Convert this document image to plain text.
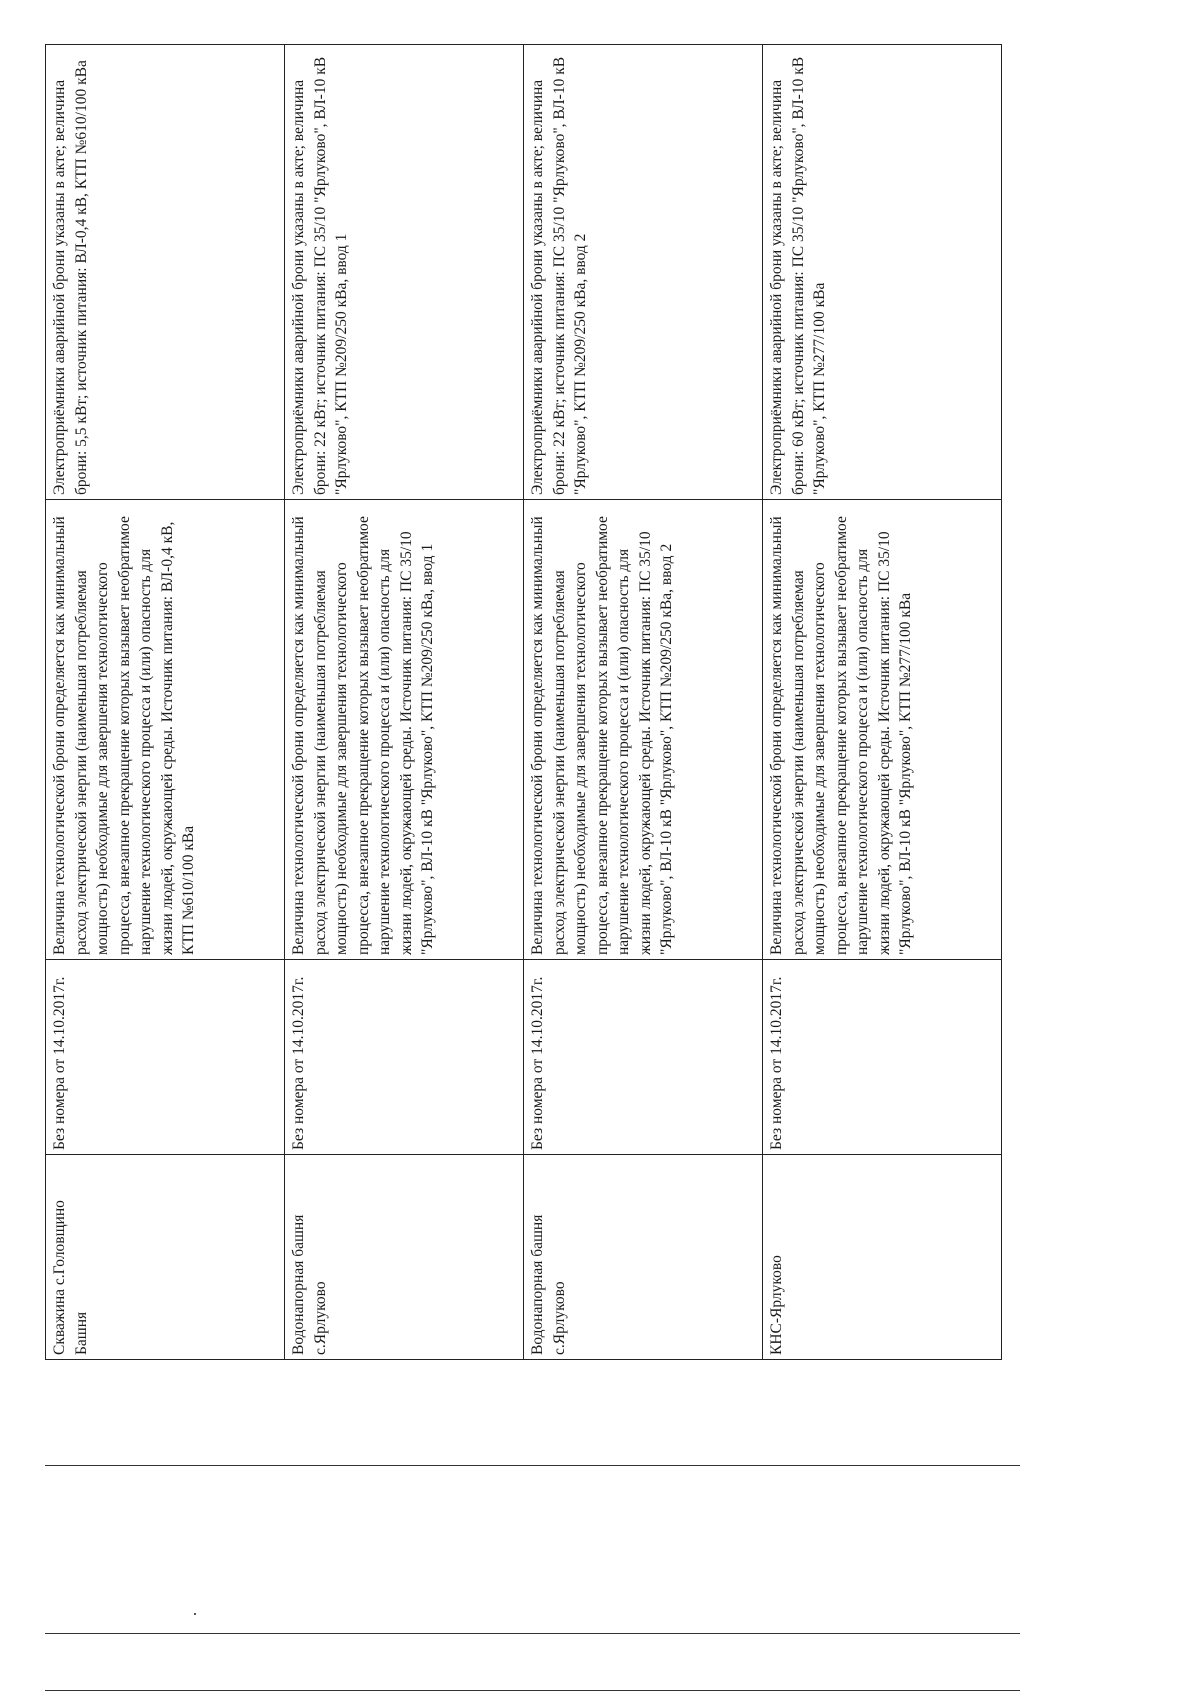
Скважина с.Головщино Башня	Без номера от 14.10.2017г.	Величина технологической брони определяется как минимальный расход электрической энергии (наименьшая потребляемая мощность) необходимые для завершения технологического процесса, внезапное прекращение которых вызывает необратимое нарушение технологического процесса и (или) опасность для жизни людей, окружающей среды. Источник питания: ВЛ-0,4 кВ, КТП №610/100 кВа	Электроприёмники аварийной брони указаны в акте; величина брони: 5,5 кВт; источник питания: ВЛ-0,4 кВ, КТП №610/100 кВа

Водонапорная башня с.Ярлуково	Без номера от 14.10.2017г.	Величина технологической брони определяется как минимальный расход электрической энергии (наименьшая потребляемая мощность) необходимые для завершения технологического процесса, внезапное прекращение которых вызывает необратимое нарушение технологического процесса и (или) опасность для жизни людей, окружающей среды. Источник питания: ПС 35/10 "Ярлуково", ВЛ-10 кВ "Ярлуково", КТП №209/250 кВа, ввод 1	Электроприёмники аварийной брони указаны в акте; величина брони: 22 кВт; источник питания: ПС 35/10 "Ярлуково", ВЛ-10 кВ "Ярлуково", КТП №209/250 кВа, ввод 1

Водонапорная башня с.Ярлуково	Без номера от 14.10.2017г.	Величина технологической брони определяется как минимальный расход электрической энергии (наименьшая потребляемая мощность) необходимые для завершения технологического процесса, внезапное прекращение которых вызывает необратимое нарушение технологического процесса и (или) опасность для жизни людей, окружающей среды. Источник питания: ПС 35/10 "Ярлуково", ВЛ-10 кВ "Ярлуково", КТП №209/250 кВа, ввод 2	Электроприёмники аварийной брони указаны в акте; величина брони: 22 кВт; источник питания: ПС 35/10 "Ярлуково", ВЛ-10 кВ "Ярлуково", КТП №209/250 кВа, ввод 2

КНС-Ярлуково	Без номера от 14.10.2017г.	Величина технологической брони определяется как минимальный расход электрической энергии (наименьшая потребляемая мощность) необходимые для завершения технологического процесса, внезапное прекращение которых вызывает необратимое нарушение технологического процесса и (или) опасность для жизни людей, окружающей среды. Источник питания: ПС 35/10 "Ярлуково", ВЛ-10 кВ "Ярлуково", КТП №277/100 кВа	Электроприёмники аварийной брони указаны в акте; величина брони: 60 кВт; источник питания: ПС 35/10 "Ярлуково", ВЛ-10 кВ "Ярлуково", КТП №277/100 кВа
